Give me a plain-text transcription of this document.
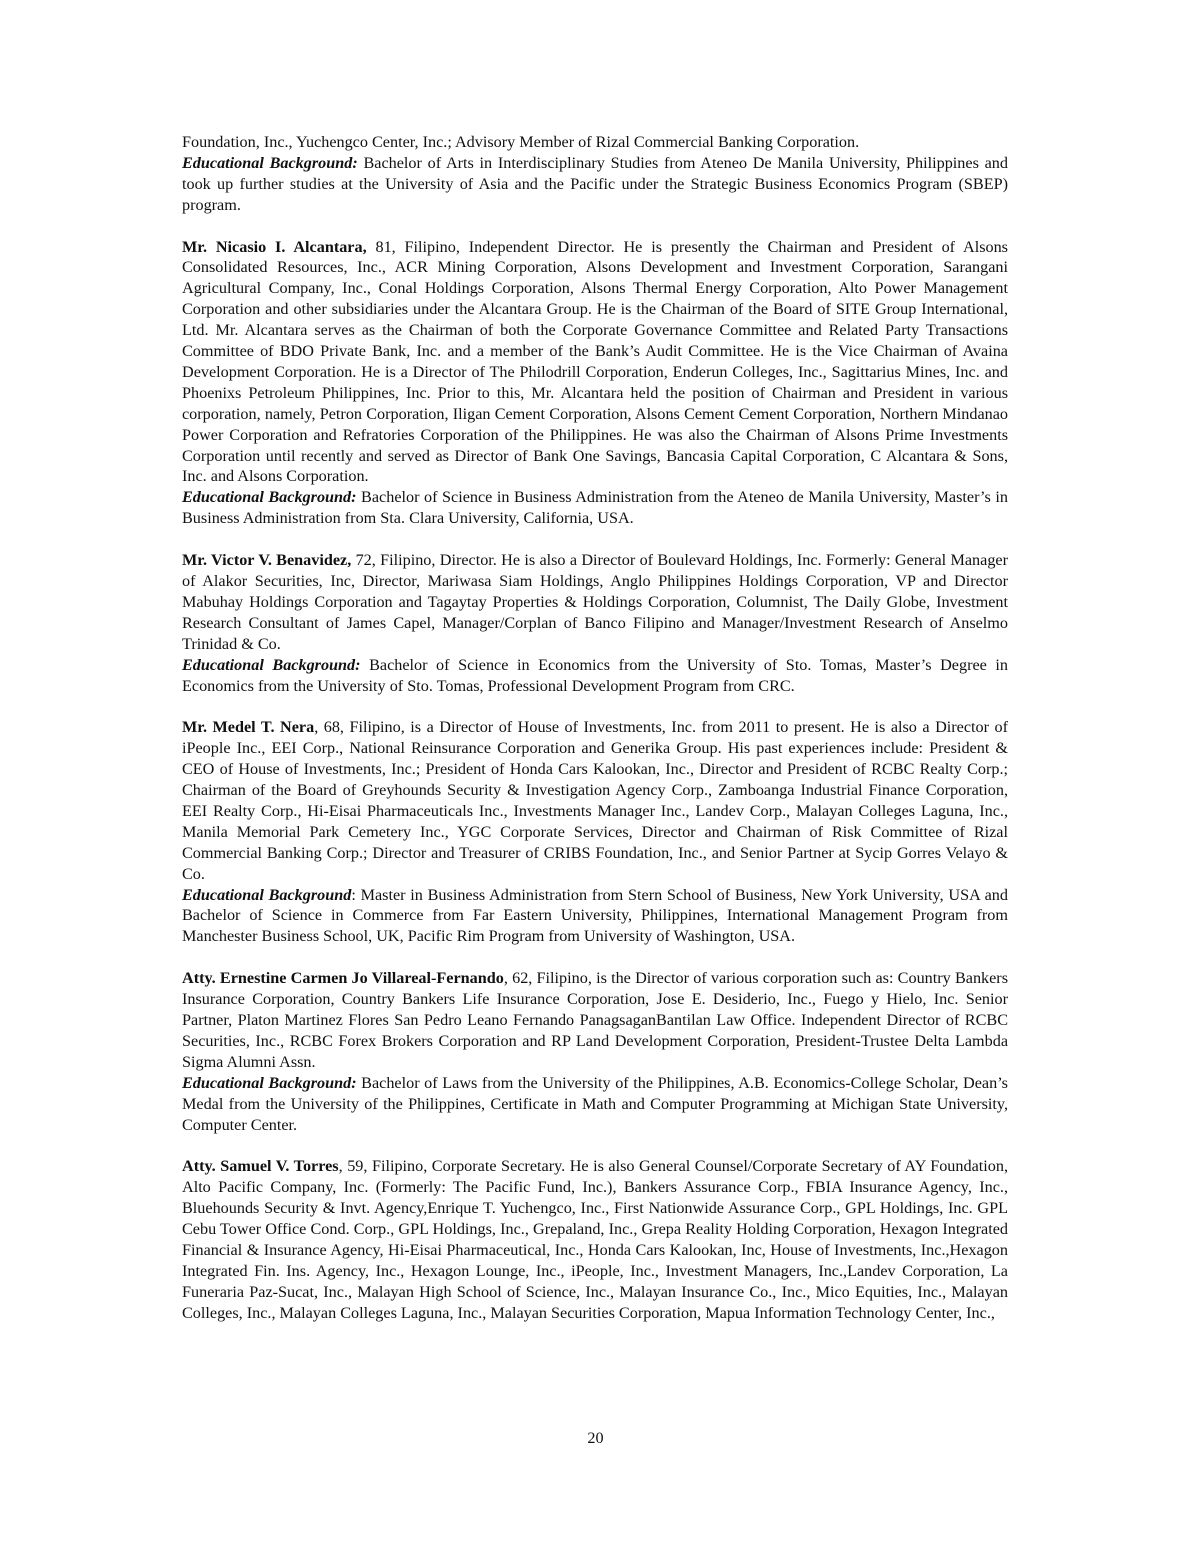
Foundation, Inc., Yuchengco Center, Inc.; Advisory Member of Rizal Commercial Banking Corporation.

Educational Background: Bachelor of Arts in Interdisciplinary Studies from Ateneo De Manila University, Philippines and took up further studies at the University of Asia and the Pacific under the Strategic Business Economics Program (SBEP) program.

Mr. Nicasio I. Alcantara, 81, Filipino, Independent Director. He is presently the Chairman and President of Alsons Consolidated Resources, Inc., ACR Mining Corporation, Alsons Development and Investment Corporation, Sarangani Agricultural Company, Inc., Conal Holdings Corporation, Alsons Thermal Energy Corporation, Alto Power Management Corporation and other subsidiaries under the Alcantara Group. He is the Chairman of the Board of SITE Group International, Ltd. Mr. Alcantara serves as the Chairman of both the Corporate Governance Committee and Related Party Transactions Committee of BDO Private Bank, Inc. and a member of the Bank’s Audit Committee. He is the Vice Chairman of Avaina Development Corporation. He is a Director of The Philodrill Corporation, Enderun Colleges, Inc., Sagittarius Mines, Inc. and Phoenixs Petroleum Philippines, Inc. Prior to this, Mr. Alcantara held the position of Chairman and President in various corporation, namely, Petron Corporation, Iligan Cement Corporation, Alsons Cement Cement Corporation, Northern Mindanao Power Corporation and Refratories Corporation of the Philippines. He was also the Chairman of Alsons Prime Investments Corporation until recently and served as Director of Bank One Savings, Bancasia Capital Corporation, C Alcantara & Sons, Inc. and Alsons Corporation.

Educational Background: Bachelor of Science in Business Administration from the Ateneo de Manila University, Master’s in Business Administration from Sta. Clara University, California, USA.

Mr. Victor V. Benavidez, 72, Filipino, Director. He is also a Director of Boulevard Holdings, Inc. Formerly: General Manager of Alakor Securities, Inc, Director, Mariwasa Siam Holdings, Anglo Philippines Holdings Corporation, VP and Director Mabuhay Holdings Corporation and Tagaytay Properties & Holdings Corporation, Columnist, The Daily Globe, Investment Research Consultant of James Capel, Manager/Corplan of Banco Filipino and Manager/Investment Research of Anselmo Trinidad & Co.

Educational Background: Bachelor of Science in Economics from the University of Sto. Tomas, Master’s Degree in Economics from the University of Sto. Tomas, Professional Development Program from CRC.

Mr. Medel T. Nera, 68, Filipino, is a Director of House of Investments, Inc. from 2011 to present. He is also a Director of iPeople Inc., EEI Corp., National Reinsurance Corporation and Generika Group. His past experiences include: President & CEO of House of Investments, Inc.; President of Honda Cars Kalookan, Inc., Director and President of RCBC Realty Corp.; Chairman of the Board of Greyhounds Security & Investigation Agency Corp., Zamboanga Industrial Finance Corporation, EEI Realty Corp., Hi-Eisai Pharmaceuticals Inc., Investments Manager Inc., Landev Corp., Malayan Colleges Laguna, Inc., Manila Memorial Park Cemetery Inc., YGC Corporate Services, Director and Chairman of Risk Committee of Rizal Commercial Banking Corp.; Director and Treasurer of CRIBS Foundation, Inc., and Senior Partner at Sycip Gorres Velayo & Co.

Educational Background: Master in Business Administration from Stern School of Business, New York University, USA and Bachelor of Science in Commerce from Far Eastern University, Philippines, International Management Program from Manchester Business School, UK, Pacific Rim Program from University of Washington, USA.

Atty. Ernestine Carmen Jo Villareal-Fernando, 62, Filipino, is the Director of various corporation such as: Country Bankers Insurance Corporation, Country Bankers Life Insurance Corporation, Jose E. Desiderio, Inc., Fuego y Hielo, Inc. Senior Partner, Platon Martinez Flores San Pedro Leano Fernando PanagsaganBantilan Law Office. Independent Director of RCBC Securities, Inc., RCBC Forex Brokers Corporation and RP Land Development Corporation, President-Trustee Delta Lambda Sigma Alumni Assn.

Educational Background: Bachelor of Laws from the University of the Philippines, A.B. Economics-College Scholar, Dean’s Medal from the University of the Philippines, Certificate in Math and Computer Programming at Michigan State University, Computer Center.

Atty. Samuel V. Torres, 59, Filipino, Corporate Secretary. He is also General Counsel/Corporate Secretary of AY Foundation, Alto Pacific Company, Inc. (Formerly: The Pacific Fund, Inc.), Bankers Assurance Corp., FBIA Insurance Agency, Inc., Bluehounds Security & Invt. Agency,Enrique T. Yuchengco, Inc., First Nationwide Assurance Corp., GPL Holdings, Inc. GPL Cebu Tower Office Cond. Corp., GPL Holdings, Inc., Grepaland, Inc., Grepa Reality Holding Corporation, Hexagon Integrated Financial & Insurance Agency, Hi-Eisai Pharmaceutical, Inc., Honda Cars Kalookan, Inc, House of Investments, Inc.,Hexagon Integrated Fin. Ins. Agency, Inc., Hexagon Lounge, Inc., iPeople, Inc., Investment Managers, Inc.,Landev Corporation, La Funeraria Paz-Sucat, Inc., Malayan High School of Science, Inc., Malayan Insurance Co., Inc., Mico Equities, Inc., Malayan Colleges, Inc., Malayan Colleges Laguna, Inc., Malayan Securities Corporation, Mapua Information Technology Center, Inc.,

20
